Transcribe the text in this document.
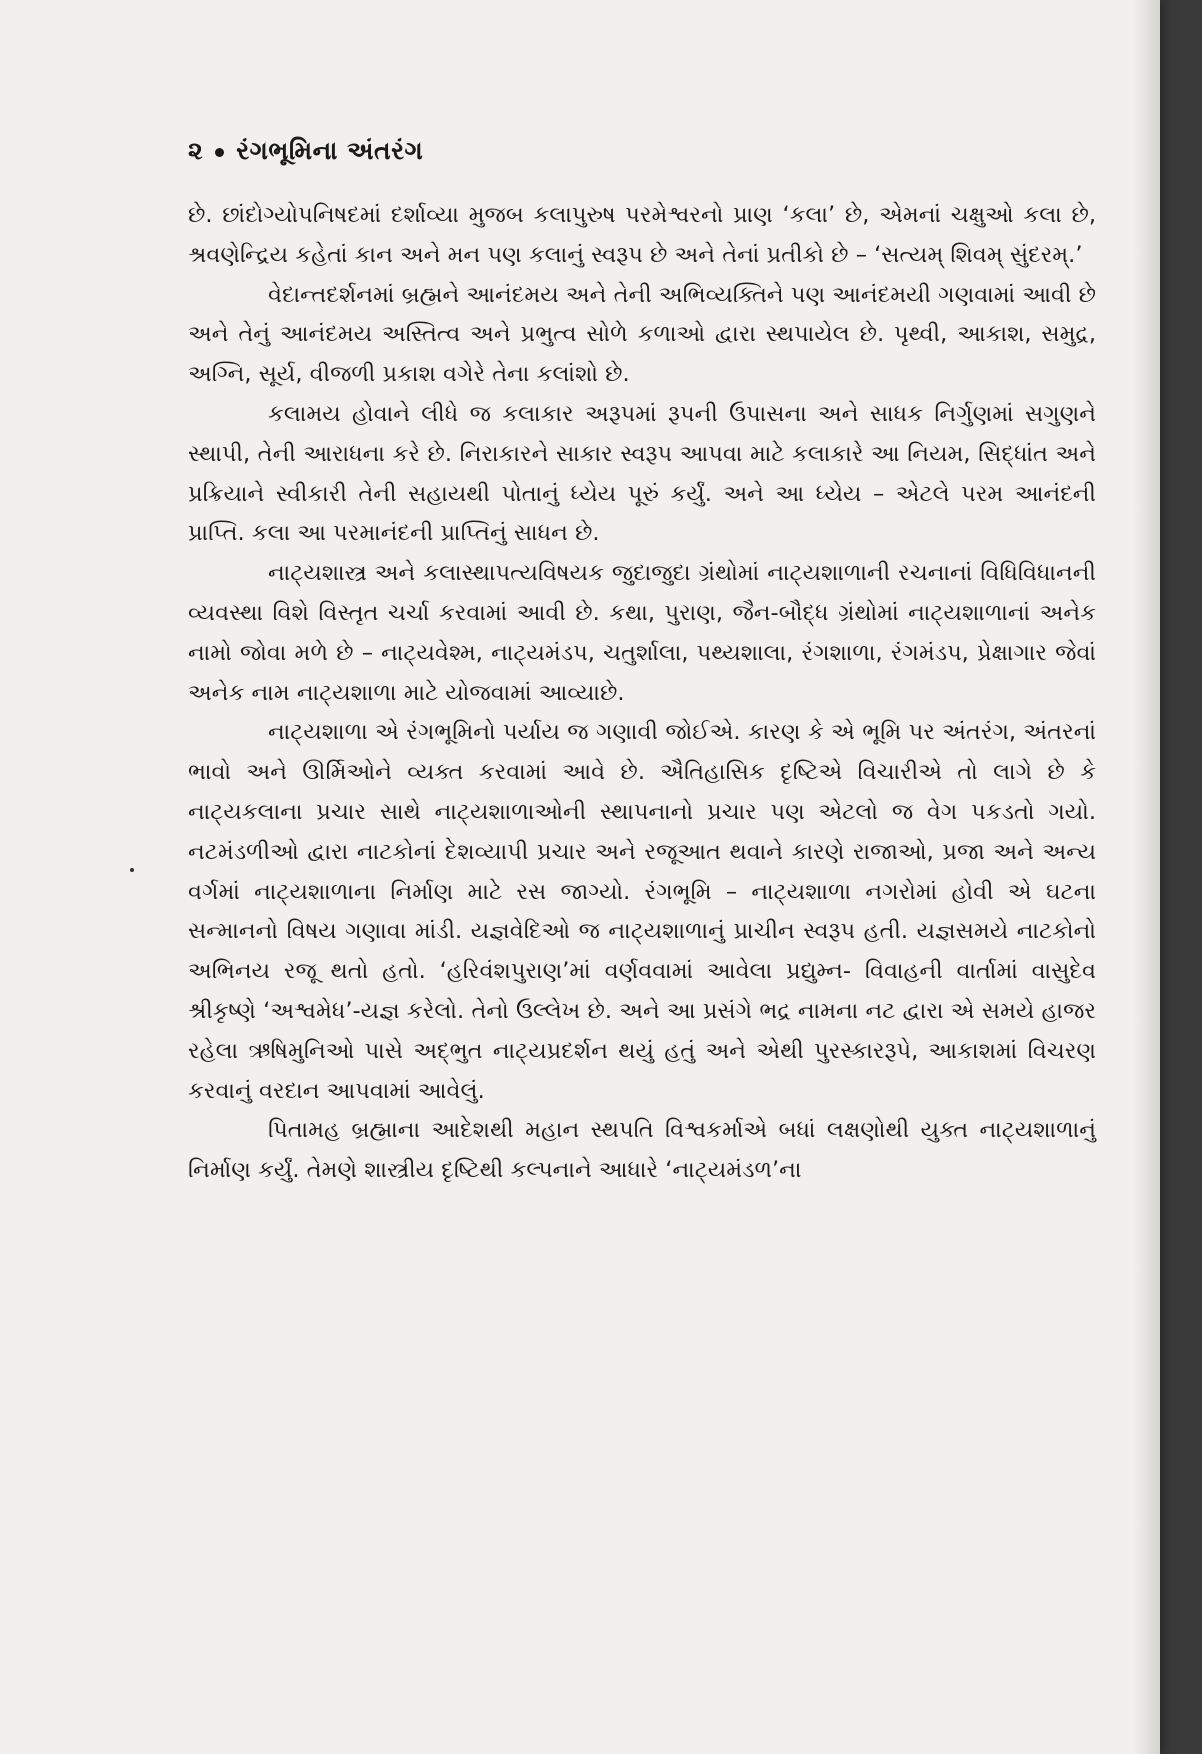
૨ રંગભૂમિના અંતરંગ

છે. છાંદોગ્યોપનિષદમાં દર્શાવ્યા મુજબ કલાપુરુષ પરમેશ્વરનો પ્રાણ ‘કલા’ છે, એમનાં ચક્ષુઓ કલા છે, શ્રવણેન્દ્રિય કહેતાં કાન અને મન પણ કલાનું સ્વરૂપ છે અને તેનાં પ્રતીકો છે – ‘સત્યમ્ શિવમ્ સુંદરમ્.’

વેદાન્તદર્શનમાં બ્રહ્મને આનંદમય અને તેની અભિવ્યક્તિને પણ આનંદમયી ગણવામાં આવી છે અને તેનું આનંદમય અસ્તિત્વ અને પ્રભુત્વ સોળે કળાઓ દ્વારા સ્થપાયેલ છે. પૃથ્વી, આકાશ, સમુદ્ર, અગ્નિ, સૂર્ય, વીજળી પ્રકાશ વગેરે તેના કલાંશો છે.

કલામય હોવાને લીધે જ કલાકાર અરૂપમાં રૂપની ઉપાસના અને સાધક નિર્ગુણમાં સગુણને સ્થાપી, તેની આરાધના કરે છે. નિરાકારને સાકાર સ્વરૂપ આપવા માટે કલાકારે આ નિયમ, સિદ્ધાંત અને પ્રક્રિયાને સ્વીકારી તેની સહાયથી પોતાનું ધ્યેય પૂરું કર્યું. અને આ ધ્યેય – એટલે પરમ આનંદની પ્રાપ્તિ. કલા આ પરમાનંદની પ્રાપ્તિનું સાધન છે.

નાટ્યશાસ્ત્ર અને કલાસ્થાપત્યવિષયક જુદાજુદા ગ્રંથોમાં નાટ્યશાળાની રચનાનાં વિધિવિધાનની વ્યવસ્થા વિશે વિસ્તૃત ચર્ચા કરવામાં આવી છે. કથા, પુરાણ, જૈન-બૌદ્ધ ગ્રંથોમાં નાટ્યશાળાનાં અનેક નામો જોવા મળે છે – નાટ્યવેશ્મ, નાટ્યમંડપ, ચતુર્શાલા, પથ્યશાલા, રંગશાળા, રંગમંડપ, પ્રેક્ષાગાર જેવાં અનેક નામ નાટ્યશાળા માટે યોજવામાં આવ્યાછે.

નાટ્યશાળા એ રંગભૂમિનો પર્યાય જ ગણાવી જોઈએ. કારણ કે એ ભૂમિ પર અંતરંગ, અંતરનાં ભાવો અને ઊર્મિઓને વ્યક્ત કરવામાં આવે છે. ઐતિહાસિક દૃષ્ટિએ વિચારીએ તો લાગે છે કે નાટ્યકલાના પ્રચાર સાથે નાટ્યશાળાઓની સ્થાપનાનો પ્રચાર પણ એટલો જ વેગ પકડતો ગયો. નટમંડળીઓ દ્વારા નાટકોનાં દેશવ્યાપી પ્રચાર અને રજૂઆત થવાને કારણે રાજાઓ, પ્રજા અને અન્ય વર્ગમાં નાટ્યશાળાના નિર્માણ માટે રસ જાગ્યો. રંગભૂમિ – નાટ્યશાળા નગરોમાં હોવી એ ઘટના સન્માનનો વિષય ગણાવા માંડી. યજ્ઞવેદિઓ જ નાટ્યશાળાનું પ્રાચીન સ્વરૂપ હતી. યજ્ઞસમયે નાટકોનો અભિનય રજૂ થતો હતો. ‘હરિવંશપુરાણ’માં વર્ણવવામાં આવેલા પ્રદ્યુમ્ન- વિવાહની વાર્તામાં વાસુદેવ શ્રીકૃષ્ણે ‘અશ્વમેધ’-યજ્ઞ કરેલો. તેનો ઉલ્લેખ છે. અને આ પ્રસંગે ભદ્ર નામના નટ દ્વારા એ સમયે હાજર રહેલા ઋષિમુનિઓ પાસે અદ્‌ભુત નાટ્યપ્રદર્શન થયું હતું અને એથી પુરસ્કારરૂપે, આકાશમાં વિચરણ કરવાનું વરદાન આપવામાં આવેલું.

પિતામહ બ્રહ્માના આદેશથી મહાન સ્થપતિ વિશ્વકર્માએ બધાં લક્ષણોથી યુક્ત નાટ્યશાળાનું નિર્માણ કર્યું. તેમણે શાસ્ત્રીય દૃષ્ટિથી કલ્પનાને આધારે ‘નાટ્યમંડળ’ના
